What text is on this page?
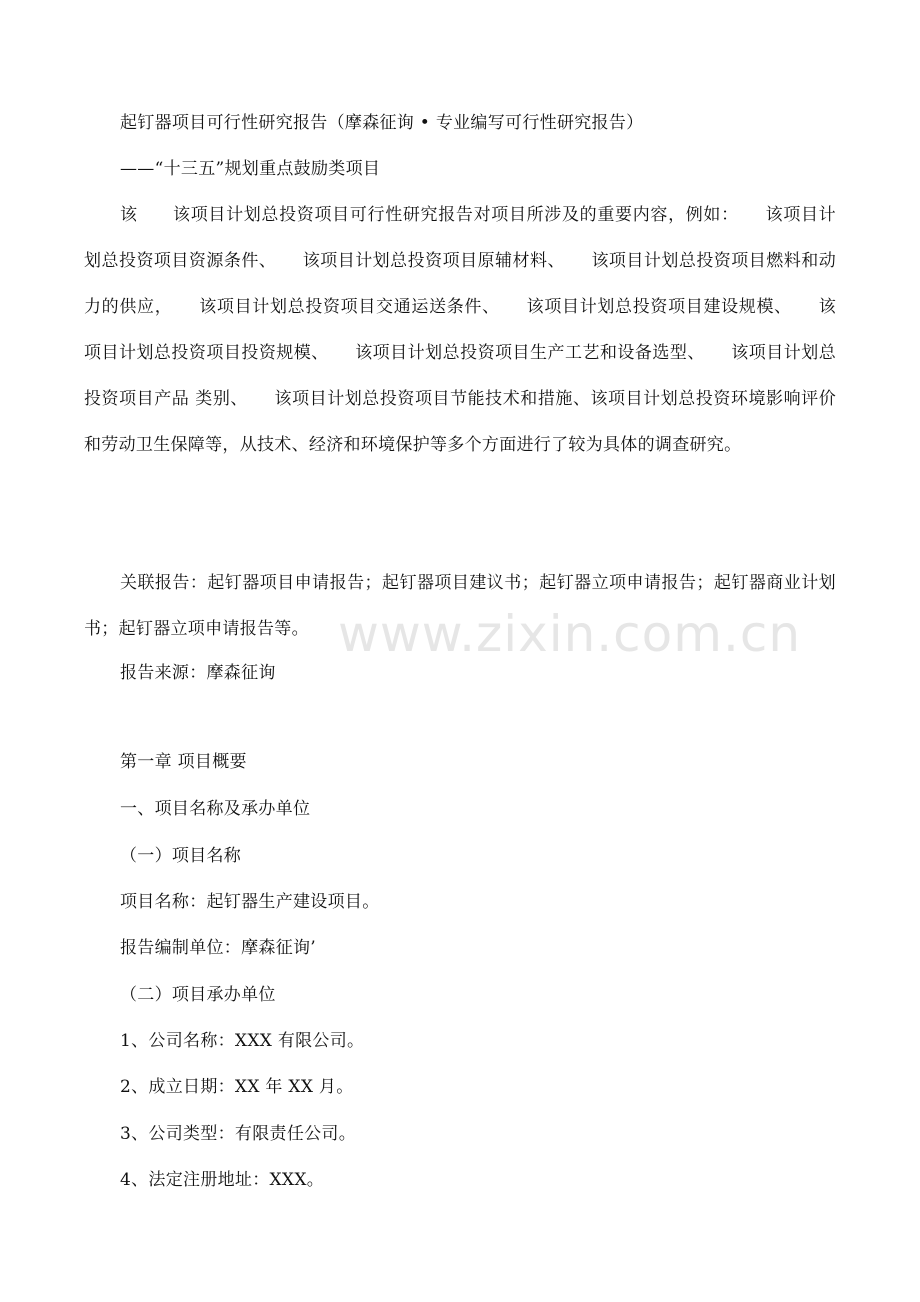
www.zixin.com.cn
起钉器项目可行性研究报告（摩森征询 • 专业编写可行性研究报告）
——“十三五”规划重点鼓励类项目
该　　该项目计划总投资项目可行性研究报告对项目所涉及的重要内容，例如：　　该项目计划总投资项目资源条件、　　该项目计划总投资项目原辅材料、　　该项目计划总投资项目燃料和动力的供应，　　该项目计划总投资项目交通运送条件、　　该项目计划总投资项目建设规模、　　该项目计划总投资项目投资规模、　　该项目计划总投资项目生产工艺和设备选型、　　该项目计划总投资项目产品 类别、　　该项目计划总投资项目节能技术和措施、该项目计划总投资环境影响评价和劳动卫生保障等，从技术、经济和环境保护等多个方面进行了较为具体的调查研究。
关联报告：起钉器项目申请报告；起钉器项目建议书；起钉器立项申请报告；起钉器商业计划书；起钉器立项申请报告等。
报告来源：摩森征询
第一章 项目概要
一、项目名称及承办单位
（一）项目名称
项目名称：起钉器生产建设项目。
报告编制单位：摩森征询’
（二）项目承办单位
1、公司名称：XXX 有限公司。
2、成立日期：XX 年 XX 月。
3、公司类型：有限责任公司。
4、法定注册地址：XXX。
